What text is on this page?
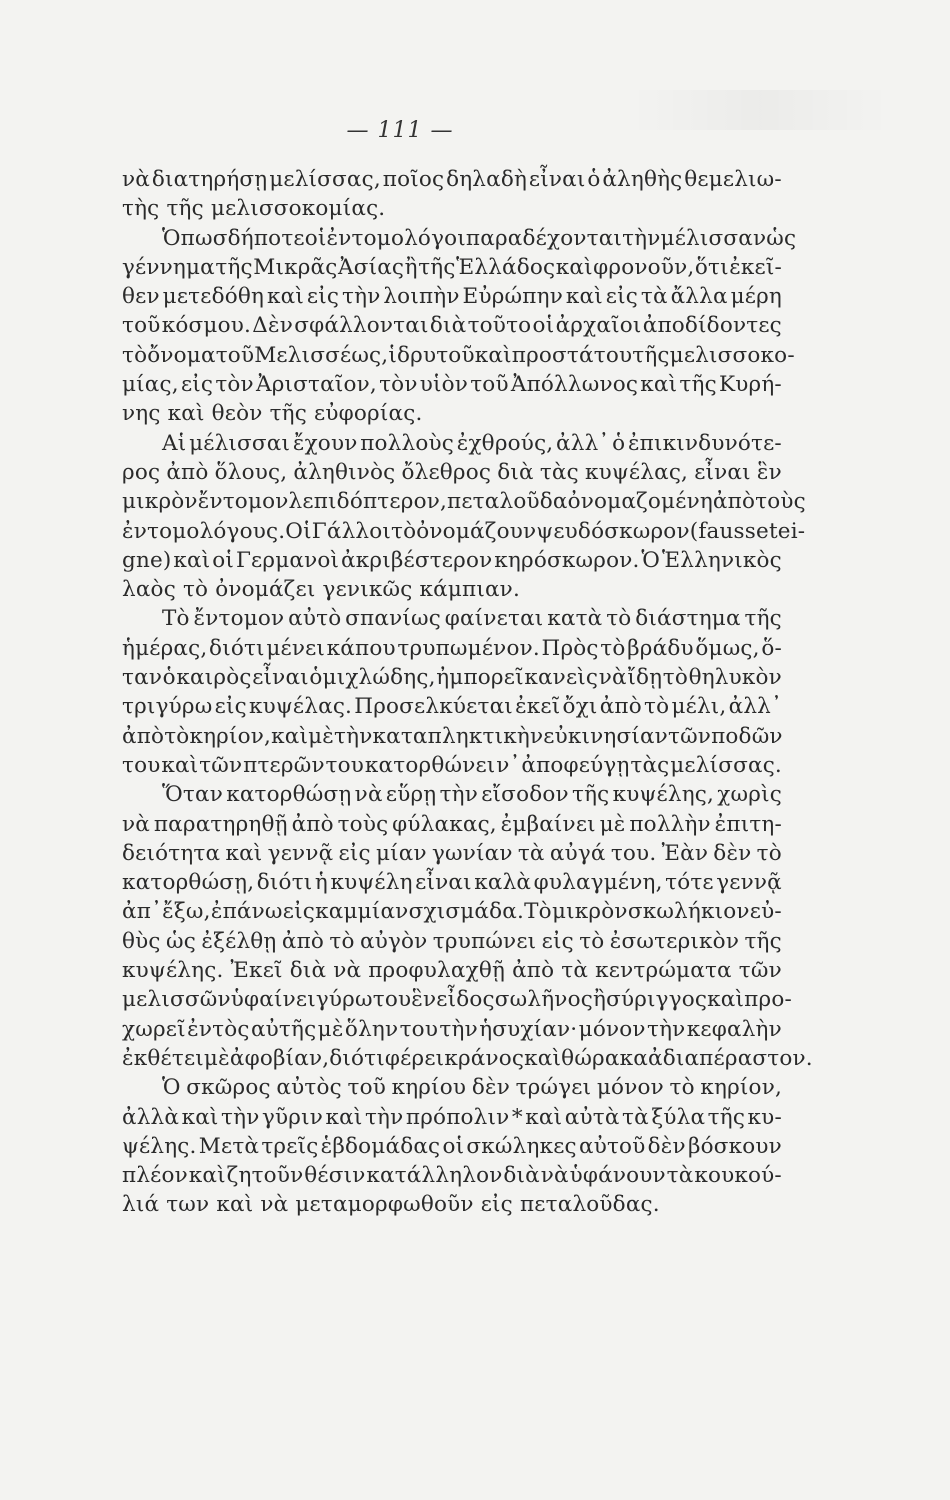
— 111 —
νὰ διατηρήσῃ μελίσσας, ποῖος δηλαδὴ εἶναι ὁ ἀληθὴς θεμελιω-
τὴς τῆς μελισσοκομίας.
Ὁπωσδήποτε οἱ ἐντομολόγοι παραδέχονται τὴν μέλισσαν ὡς
γέννημα τῆς Μικρᾶς Ἀσίας ἢ τῆς Ἑλλάδος καὶ φρονοῦν, ὅτι ἐκεῖ-
θεν μετεδόθη καὶ εἰς τὴν λοιπὴν Εὐρώπην καὶ εἰς τὰ ἄλλα μέρη
τοῦ κόσμου. Δὲν σφάλλονται διὰ τοῦτο οἱ ἀρχαῖοι ἀποδίδοντες
τὸ ὄνομα τοῦ Μελισσέως, ἱδρυτοῦ καὶ προστάτου τῆς μελισσοκο-
μίας, εἰς τὸν Ἀρισταῖον, τὸν υἱὸν τοῦ Ἀπόλλωνος καὶ τῆς Κυρή-
νης καὶ θεὸν τῆς εὐφορίας.
Αἱ μέλισσαι ἔχουν πολλοὺς ἐχθρούς, ἀλλ᾽ ὁ ἐπικινδυνότε-
ρος ἀπὸ ὅλους, ἀληθινὸς ὄλεθρος διὰ τὰς κυψέλας, εἶναι ἓν
μικρὸν ἔντομον λεπιδόπτερον, πεταλοῦδα ὀνομαζομένη ἀπὸ τοὺς
ἐντομολόγους. Οἱ Γάλλοι τὸ ὀνομάζουν ψευδόσκωρον (fausse tei-
gne) καὶ οἱ Γερμανοὶ ἀκριβέστερον κηρόσκωρον. Ὁ Ἑλληνικὸς
λαὸς τὸ ὀνομάζει γενικῶς κάμπιαν.
Τὸ ἔντομον αὐτὸ σπανίως φαίνεται κατὰ τὸ διάστημα τῆς
ἡμέρας, διότι μένει κάπου τρυπωμένον. Πρὸς τὸ βράδυ ὅμως, ὅ-
ταν ὁ καιρὸς εἶναι ὁμιχλώδης, ἠμπορεῖ κανεὶς νὰ ἴδῃ τὸ θηλυκὸν
τριγύρω εἰς κυψέλας. Προσελκύεται ἐκεῖ ὄχι ἀπὸ τὸ μέλι, ἀλλ᾽
ἀπὸ τὸ κηρίον, καὶ μὲ τὴν καταπληκτικὴν εὐκινησίαν τῶν ποδῶν
του καὶ τῶν πτερῶν του κατορθώνει ν᾽ ἀποφεύγῃ τὰς μελίσσας.
Ὅταν κατορθώσῃ νὰ εὕρῃ τὴν εἴσοδον τῆς κυψέλης, χωρὶς
νὰ παρατηρηθῇ ἀπὸ τοὺς φύλακας, ἐμβαίνει μὲ πολλὴν ἐπιτη-
δειότητα καὶ γεννᾷ εἰς μίαν γωνίαν τὰ αὐγά του. Ἐὰν δὲν τὸ
κατορθώσῃ, διότι ἡ κυψέλη εἶναι καλὰ φυλαγμένη, τότε γεννᾷ
ἀπ᾽ ἔξω, ἐπάνω εἰς καμμίαν σχισμάδα. Τὸ μικρὸν σκωλήκιον εὐ-
θὺς ὡς ἐξέλθῃ ἀπὸ τὸ αὐγὸν τρυπώνει εἰς τὸ ἐσωτερικὸν τῆς
κυψέλης. Ἐκεῖ διὰ νὰ προφυλαχθῇ ἀπὸ τὰ κεντρώματα τῶν
μελισσῶν ὑφαίνει γύρω του ἓν εἶδος σωλῆνος ἢ σύριγγος καὶ προ-
χωρεῖ ἐντὸς αὐτῆς μὲ ὅλην του τὴν ἡσυχίαν· μόνον τὴν κεφαλὴν
ἐκθέτει μὲ ἀφοβίαν, διότι φέρει κράνος καὶ θώρακα ἀδιαπέραστον.
Ὁ σκῶρος αὐτὸς τοῦ κηρίου δὲν τρώγει μόνον τὸ κηρίον,
ἀλλὰ καὶ τὴν γῦριν καὶ τὴν πρόπολιν * καὶ αὐτὰ τὰ ξύλα τῆς κυ-
ψέλης. Μετὰ τρεῖς ἑβδομάδας οἱ σκώληκες αὐτοῦ δὲν βόσκουν
πλέον καὶ ζητοῦν θέσιν κατάλληλον διὰ νὰ ὑφάνουν τὰ κουκού-
λιά των καὶ νὰ μεταμορφωθοῦν εἰς πεταλοῦδας.
